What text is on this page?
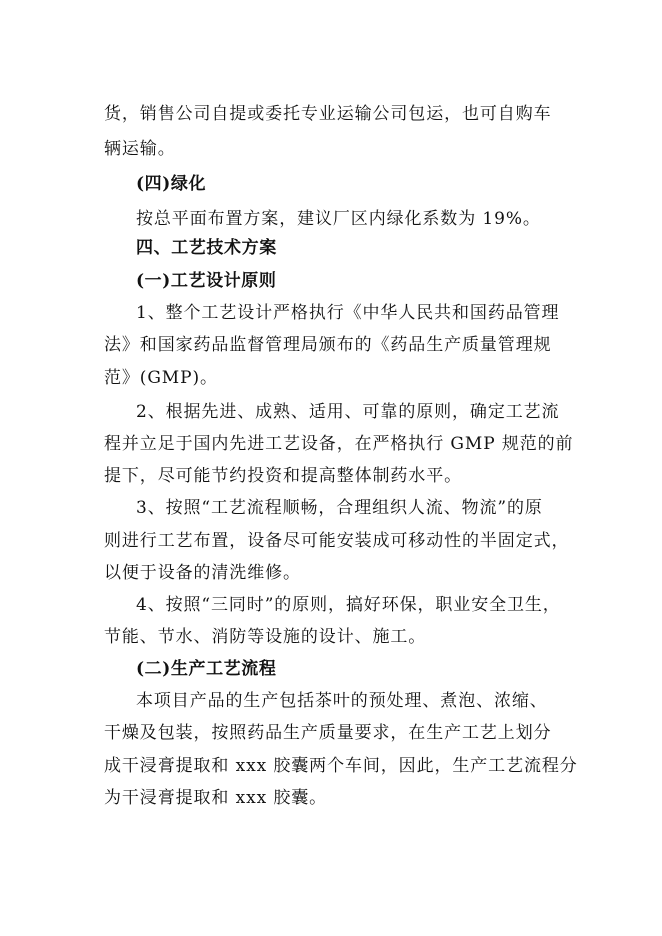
货，销售公司自提或委托专业运输公司包运，也可自购车
辆运输。
(四)绿化
按总平面布置方案，建议厂区内绿化系数为 19%。
四、工艺技术方案
(一)工艺设计原则
1、整个工艺设计严格执行《中华人民共和国药品管理
法》和国家药品监督管理局颁布的《药品生产质量管理规
范》(GMP)。
2、根据先进、成熟、适用、可靠的原则，确定工艺流
程并立足于国内先进工艺设备，在严格执行 GMP 规范的前
提下，尽可能节约投资和提高整体制药水平。
3、按照“工艺流程顺畅，合理组织人流、物流”的原
则进行工艺布置，设备尽可能安装成可移动性的半固定式，
以便于设备的清洗维修。
4、按照“三同时”的原则，搞好环保，职业安全卫生，
节能、节水、消防等设施的设计、施工。
(二)生产工艺流程
本项目产品的生产包括茶叶的预处理、煮泡、浓缩、
干燥及包装，按照药品生产质量要求，在生产工艺上划分
成干浸膏提取和 xxx 胶囊两个车间，因此，生产工艺流程分
为干浸膏提取和 xxx 胶囊。
